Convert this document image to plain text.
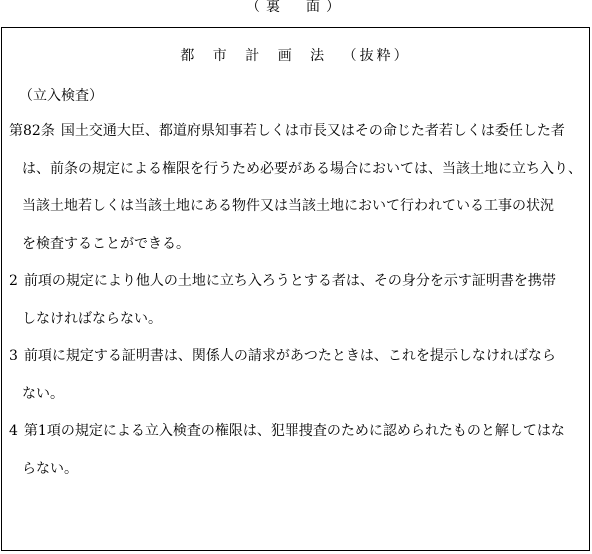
（裏　面）
都 市 計 画 法 （抜粋）
（立入検査）
第82条 国土交通大臣、都道府県知事若しくは市長又はその命じた者若しくは委任した者
は、前条の規定による権限を行うため必要がある場合においては、当該土地に立ち入り、
当該土地若しくは当該土地にある物件又は当該土地において行われている工事の状況
を検査することができる。
2 前項の規定により他人の土地に立ち入ろうとする者は、その身分を示す証明書を携帯
しなければならない。
3 前項に規定する証明書は、関係人の請求があつたときは、これを提示しなければなら
ない。
4 第1項の規定による立入検査の権限は、犯罪捜査のために認められたものと解してはな
らない。
